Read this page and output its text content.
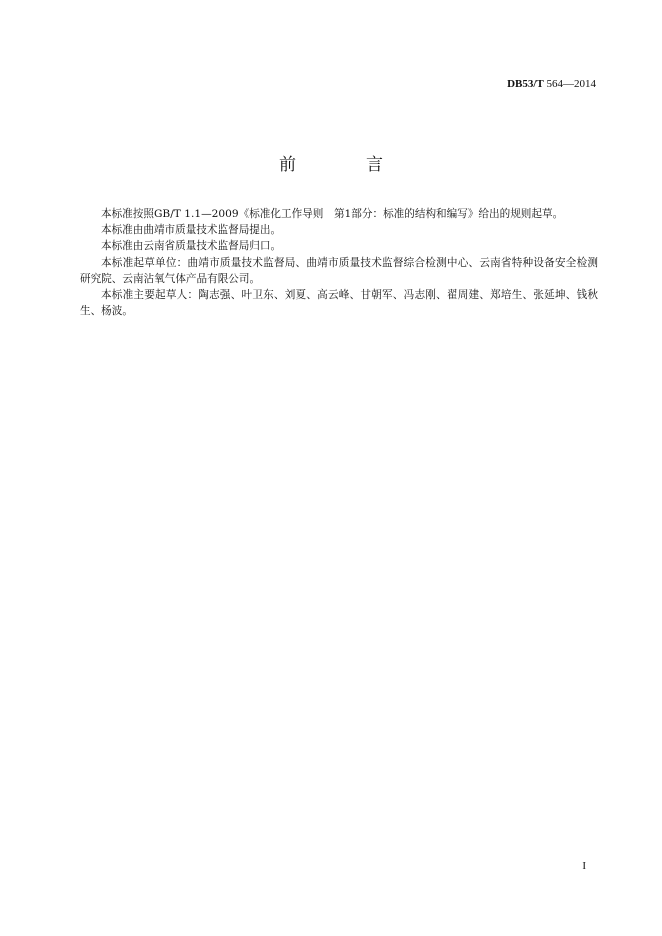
DB53/T 564—2014
前	言

本标准按照GB/T 1.1—2009《标准化工作导则　第1部分：标准的结构和编写》给出的规则起草。

本标准由曲靖市质量技术监督局提出。

本标准由云南省质量技术监督局归口。

本标准起草单位：曲靖市质量技术监督局、曲靖市质量技术监督综合检测中心、云南省特种设备安全检测研究院、云南沾氧气体产品有限公司。

本标准主要起草人：陶志强、叶卫东、刘夏、高云峰、甘朝军、冯志刚、翟周建、郑培生、张延坤、钱秋生、杨波。

I
